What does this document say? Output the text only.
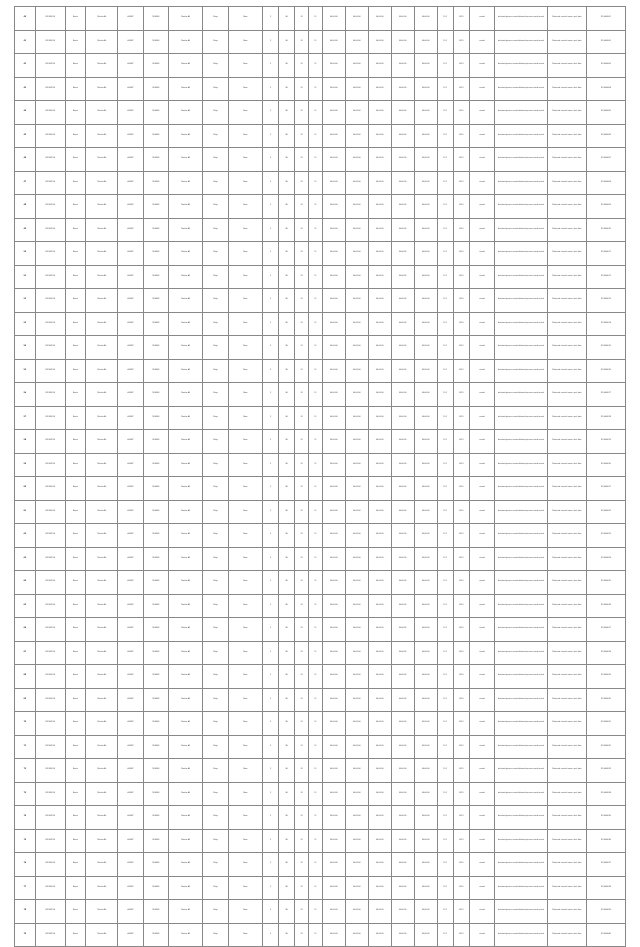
40	2019/09/20	Roma	Dimitar Ali	A 5887	CB 6943	Dimitar Ali	Shtip	Done	3	80	32	12	00:00:00	00:00:00	00:00:00	00:00:00	00:00:00	15.1	2019	record	detained person record detained person record record	Detained, record, name, unit, date	ID 0000001
41	2019/09/20	Roma	Dimitar Ali	A 5887	CB 6943	Dimitar Ali	Shtip	Done	3	80	32	12	00:00:00	00:00:00	00:00:00	00:00:00	00:00:00	15.1	2019	record	detained person record detained person record record	Detained, record, name, unit, date	ID 0000002
42	2019/09/20	Roma	Dimitar Ali	A 5887	CB 6943	Dimitar Ali	Shtip	Done	3	80	32	12	00:00:00	00:00:00	00:00:00	00:00:00	00:00:00	15.1	2019	record	detained person record detained person record record	Detained, record, name, unit, date	ID 0000003
43	2019/09/20	Roma	Dimitar Ali	A 5887	CB 6943	Dimitar Ali	Shtip	Done	3	80	32	12	00:00:00	00:00:00	00:00:00	00:00:00	00:00:00	15.1	2019	record	detained person record detained person record record	Detained, record, name, unit, date	ID 0000004
44	2019/09/20	Roma	Dimitar Ali	A 5887	CB 6943	Dimitar Ali	Shtip	Done	3	80	32	12	00:00:00	00:00:00	00:00:00	00:00:00	00:00:00	15.1	2019	record	detained person record detained person record record	Detained, record, name, unit, date	ID 0000005
45	2019/09/20	Roma	Dimitar Ali	A 5887	CB 6943	Dimitar Ali	Shtip	Done	3	80	32	12	00:00:00	00:00:00	00:00:00	00:00:00	00:00:00	15.1	2019	record	detained person record detained person record record	Detained, record, name, unit, date	ID 0000006
46	2019/09/20	Roma	Dimitar Ali	A 5887	CB 6943	Dimitar Ali	Shtip	Done	3	80	32	12	00:00:00	00:00:00	00:00:00	00:00:00	00:00:00	15.1	2019	record	detained person record detained person record record	Detained, record, name, unit, date	ID 0000007
47	2019/09/20	Roma	Dimitar Ali	A 5887	CB 6943	Dimitar Ali	Shtip	Done	3	80	32	12	00:00:00	00:00:00	00:00:00	00:00:00	00:00:00	15.1	2019	record	detained person record detained person record record	Detained, record, name, unit, date	ID 0000008
48	2019/09/20	Roma	Dimitar Ali	A 5887	CB 6943	Dimitar Ali	Shtip	Done	3	80	32	12	00:00:00	00:00:00	00:00:00	00:00:00	00:00:00	15.1	2019	record	detained person record detained person record record	Detained, record, name, unit, date	ID 0000009
49	2019/09/20	Roma	Dimitar Ali	A 5887	CB 6943	Dimitar Ali	Shtip	Done	3	80	32	12	00:00:00	00:00:00	00:00:00	00:00:00	00:00:00	15.1	2019	record	detained person record detained person record record	Detained, record, name, unit, date	ID 0000010
50	2019/09/20	Roma	Dimitar Ali	A 5887	CB 6943	Dimitar Ali	Shtip	Done	3	80	32	12	00:00:00	00:00:00	00:00:00	00:00:00	00:00:00	15.1	2019	record	detained person record detained person record record	Detained, record, name, unit, date	ID 0000011
51	2019/09/20	Roma	Dimitar Ali	A 5887	CB 6943	Dimitar Ali	Shtip	Done	3	80	32	12	00:00:00	00:00:00	00:00:00	00:00:00	00:00:00	15.1	2019	record	detained person record detained person record record	Detained, record, name, unit, date	ID 0000012
52	2019/09/20	Roma	Dimitar Ali	A 5887	CB 6943	Dimitar Ali	Shtip	Done	3	80	32	12	00:00:00	00:00:00	00:00:00	00:00:00	00:00:00	15.1	2019	record	detained person record detained person record record	Detained, record, name, unit, date	ID 0000013
53	2019/09/20	Roma	Dimitar Ali	A 5887	CB 6943	Dimitar Ali	Shtip	Done	3	80	32	12	00:00:00	00:00:00	00:00:00	00:00:00	00:00:00	15.1	2019	record	detained person record detained person record record	Detained, record, name, unit, date	ID 0000014
54	2019/09/20	Roma	Dimitar Ali	A 5887	CB 6943	Dimitar Ali	Shtip	Done	3	80	32	12	00:00:00	00:00:00	00:00:00	00:00:00	00:00:00	15.1	2019	record	detained person record detained person record record	Detained, record, name, unit, date	ID 0000015
55	2019/09/20	Roma	Dimitar Ali	A 5887	CB 6943	Dimitar Ali	Shtip	Done	3	80	32	12	00:00:00	00:00:00	00:00:00	00:00:00	00:00:00	15.1	2019	record	detained person record detained person record record	Detained, record, name, unit, date	ID 0000016
56	2019/09/20	Roma	Dimitar Ali	A 5887	CB 6943	Dimitar Ali	Shtip	Done	3	80	32	12	00:00:00	00:00:00	00:00:00	00:00:00	00:00:00	15.1	2019	record	detained person record detained person record record	Detained, record, name, unit, date	ID 0000017
57	2019/09/20	Roma	Dimitar Ali	A 5887	CB 6943	Dimitar Ali	Shtip	Done	3	80	32	12	00:00:00	00:00:00	00:00:00	00:00:00	00:00:00	15.1	2019	record	detained person record detained person record record	Detained, record, name, unit, date	ID 0000018
58	2019/09/20	Roma	Dimitar Ali	A 5887	CB 6943	Dimitar Ali	Shtip	Done	3	80	32	12	00:00:00	00:00:00	00:00:00	00:00:00	00:00:00	15.1	2019	record	detained person record detained person record record	Detained, record, name, unit, date	ID 0000019
59	2019/09/20	Roma	Dimitar Ali	A 5887	CB 6943	Dimitar Ali	Shtip	Done	3	80	32	12	00:00:00	00:00:00	00:00:00	00:00:00	00:00:00	15.1	2019	record	detained person record detained person record record	Detained, record, name, unit, date	ID 0000020
60	2019/09/20	Roma	Dimitar Ali	A 5887	CB 6943	Dimitar Ali	Shtip	Done	3	80	32	12	00:00:00	00:00:00	00:00:00	00:00:00	00:00:00	15.1	2019	record	detained person record detained person record record	Detained, record, name, unit, date	ID 0000021
61	2019/09/20	Roma	Dimitar Ali	A 5887	CB 6943	Dimitar Ali	Shtip	Done	3	80	32	12	00:00:00	00:00:00	00:00:00	00:00:00	00:00:00	15.1	2019	record	detained person record detained person record record	Detained, record, name, unit, date	ID 0000022
62	2019/09/20	Roma	Dimitar Ali	A 5887	CB 6943	Dimitar Ali	Shtip	Done	3	80	32	12	00:00:00	00:00:00	00:00:00	00:00:00	00:00:00	15.1	2019	record	detained person record detained person record record	Detained, record, name, unit, date	ID 0000023
63	2019/09/20	Roma	Dimitar Ali	A 5887	CB 6943	Dimitar Ali	Shtip	Done	3	80	32	12	00:00:00	00:00:00	00:00:00	00:00:00	00:00:00	15.1	2019	record	detained person record detained person record record	Detained, record, name, unit, date	ID 0000024
64	2019/09/20	Roma	Dimitar Ali	A 5887	CB 6943	Dimitar Ali	Shtip	Done	3	80	32	12	00:00:00	00:00:00	00:00:00	00:00:00	00:00:00	15.1	2019	record	detained person record detained person record record	Detained, record, name, unit, date	ID 0000025
65	2019/09/20	Roma	Dimitar Ali	A 5887	CB 6943	Dimitar Ali	Shtip	Done	3	80	32	12	00:00:00	00:00:00	00:00:00	00:00:00	00:00:00	15.1	2019	record	detained person record detained person record record	Detained, record, name, unit, date	ID 0000026
66	2019/09/20	Roma	Dimitar Ali	A 5887	CB 6943	Dimitar Ali	Shtip	Done	3	80	32	12	00:00:00	00:00:00	00:00:00	00:00:00	00:00:00	15.1	2019	record	detained person record detained person record record	Detained, record, name, unit, date	ID 0000027
67	2019/09/20	Roma	Dimitar Ali	A 5887	CB 6943	Dimitar Ali	Shtip	Done	3	80	32	12	00:00:00	00:00:00	00:00:00	00:00:00	00:00:00	15.1	2019	record	detained person record detained person record record	Detained, record, name, unit, date	ID 0000028
68	2019/09/20	Roma	Dimitar Ali	A 5887	CB 6943	Dimitar Ali	Shtip	Done	3	80	32	12	00:00:00	00:00:00	00:00:00	00:00:00	00:00:00	15.1	2019	record	detained person record detained person record record	Detained, record, name, unit, date	ID 0000029
69	2019/09/20	Roma	Dimitar Ali	A 5887	CB 6943	Dimitar Ali	Shtip	Done	3	80	32	12	00:00:00	00:00:00	00:00:00	00:00:00	00:00:00	15.1	2019	record	detained person record detained person record record	Detained, record, name, unit, date	ID 0000030
70	2019/09/20	Roma	Dimitar Ali	A 5887	CB 6943	Dimitar Ali	Shtip	Done	3	80	32	12	00:00:00	00:00:00	00:00:00	00:00:00	00:00:00	15.1	2019	record	detained person record detained person record record	Detained, record, name, unit, date	ID 0000031
71	2019/09/20	Roma	Dimitar Ali	A 5887	CB 6943	Dimitar Ali	Shtip	Done	3	80	32	12	00:00:00	00:00:00	00:00:00	00:00:00	00:00:00	15.1	2019	record	detained person record detained person record record	Detained, record, name, unit, date	ID 0000032
72	2019/09/20	Roma	Dimitar Ali	A 5887	CB 6943	Dimitar Ali	Shtip	Done	3	80	32	12	00:00:00	00:00:00	00:00:00	00:00:00	00:00:00	15.1	2019	record	detained person record detained person record record	Detained, record, name, unit, date	ID 0000033
73	2019/09/20	Roma	Dimitar Ali	A 5887	CB 6943	Dimitar Ali	Shtip	Done	3	80	32	12	00:00:00	00:00:00	00:00:00	00:00:00	00:00:00	15.1	2019	record	detained person record detained person record record	Detained, record, name, unit, date	ID 0000034
74	2019/09/20	Roma	Dimitar Ali	A 5887	CB 6943	Dimitar Ali	Shtip	Done	3	80	32	12	00:00:00	00:00:00	00:00:00	00:00:00	00:00:00	15.1	2019	record	detained person record detained person record record	Detained, record, name, unit, date	ID 0000035
75	2019/09/20	Roma	Dimitar Ali	A 5887	CB 6943	Dimitar Ali	Shtip	Done	3	80	32	12	00:00:00	00:00:00	00:00:00	00:00:00	00:00:00	15.1	2019	record	detained person record detained person record record	Detained, record, name, unit, date	ID 0000036
76	2019/09/20	Roma	Dimitar Ali	A 5887	CB 6943	Dimitar Ali	Shtip	Done	3	80	32	12	00:00:00	00:00:00	00:00:00	00:00:00	00:00:00	15.1	2019	record	detained person record detained person record record	Detained, record, name, unit, date	ID 0000037
77	2019/09/20	Roma	Dimitar Ali	A 5887	CB 6943	Dimitar Ali	Shtip	Done	3	80	32	12	00:00:00	00:00:00	00:00:00	00:00:00	00:00:00	15.1	2019	record	detained person record detained person record record	Detained, record, name, unit, date	ID 0000038
78	2019/09/20	Roma	Dimitar Ali	A 5887	CB 6943	Dimitar Ali	Shtip	Done	3	80	32	12	00:00:00	00:00:00	00:00:00	00:00:00	00:00:00	15.1	2019	record	detained person record detained person record record	Detained, record, name, unit, date	ID 0000039
79	2019/09/20	Roma	Dimitar Ali	A 5887	CB 6943	Dimitar Ali	Shtip	Done	3	80	32	12	00:00:00	00:00:00	00:00:00	00:00:00	00:00:00	15.1	2019	record	detained person record detained person record record	Detained, record, name, unit, date	ID 0000040
